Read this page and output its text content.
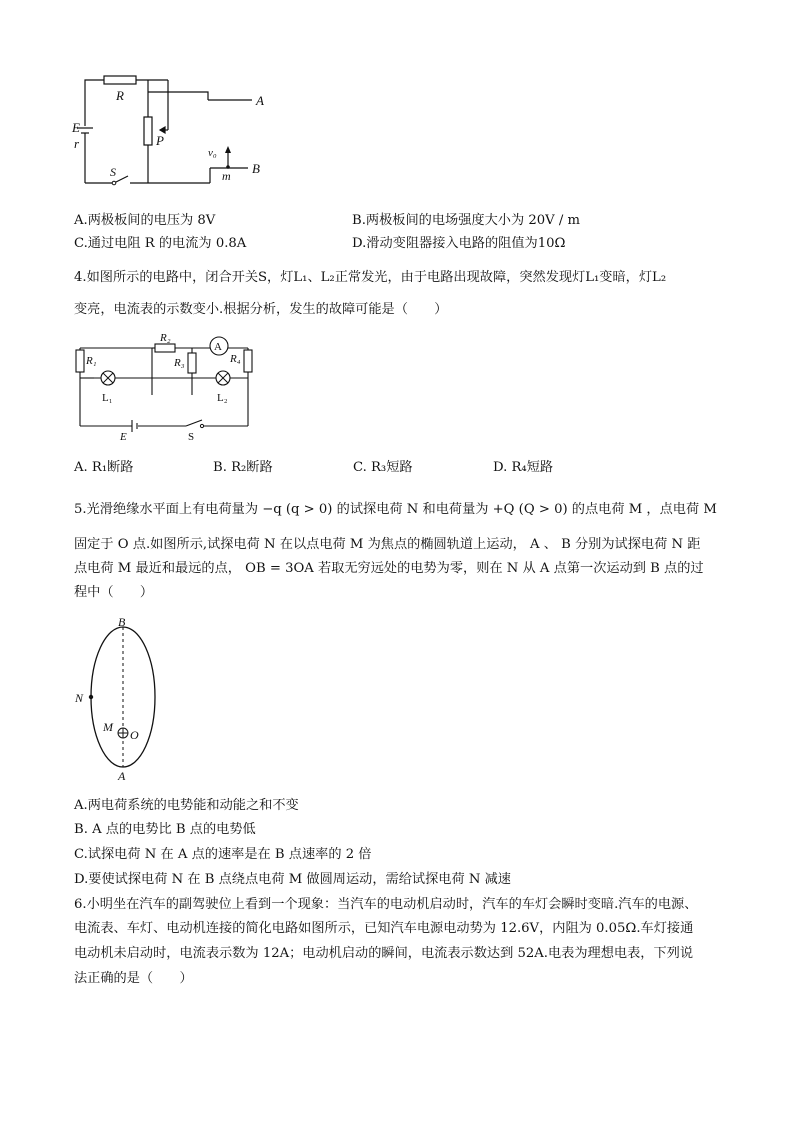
R
E
r	P
S
A
B
v₀
m
A.两极板间的电压为 8V	B.两极板间的电场强度大小为 20V / m
C.通过电阻 R 的电流为 0.8A	D.滑动变阻器接入电路的阻值为10Ω
4.如图所示的电路中，闭合开关S，灯L₁、L₂正常发光，由于电路出现故障，突然发现灯L₁变暗，灯L₂
变亮，电流表的示数变小.根据分析，发生的故障可能是（　　）
A
R₁
R₂
R₃	R₄
L₁	L₂
E	S
A. R₁断路	B. R₂断路	C. R₃短路	D. R₄短路
5.光滑绝缘水平面上有电荷量为 −q (q > 0) 的试探电荷 N 和电荷量为 +Q (Q > 0) 的点电荷 M ，点电荷 M
固定于 O 点.如图所示,试探电荷 N 在以点电荷 M 为焦点的椭圆轨道上运动， A 、 B 分别为试探电荷 N 距
点电荷 M 最近和最远的点， OB = 3OA 若取无穷远处的电势为零，则在 N 从 A 点第一次运动到 B 点的过
程中（　　）
B
N
M
O
A
A.两电荷系统的电势能和动能之和不变
B. A 点的电势比 B 点的电势低
C.试探电荷 N 在 A 点的速率是在 B 点速率的 2 倍
D.要使试探电荷 N 在 B 点绕点电荷 M 做圆周运动，需给试探电荷 N 减速
6.小明坐在汽车的副驾驶位上看到一个现象：当汽车的电动机启动时，汽车的车灯会瞬时变暗.汽车的电源、
电流表、车灯、电动机连接的简化电路如图所示，已知汽车电源电动势为 12.6V，内阻为 0.05Ω.车灯接通
电动机未启动时，电流表示数为 12A；电动机启动的瞬间，电流表示数达到 52A.电表为理想电表，下列说
法正确的是（　　）
